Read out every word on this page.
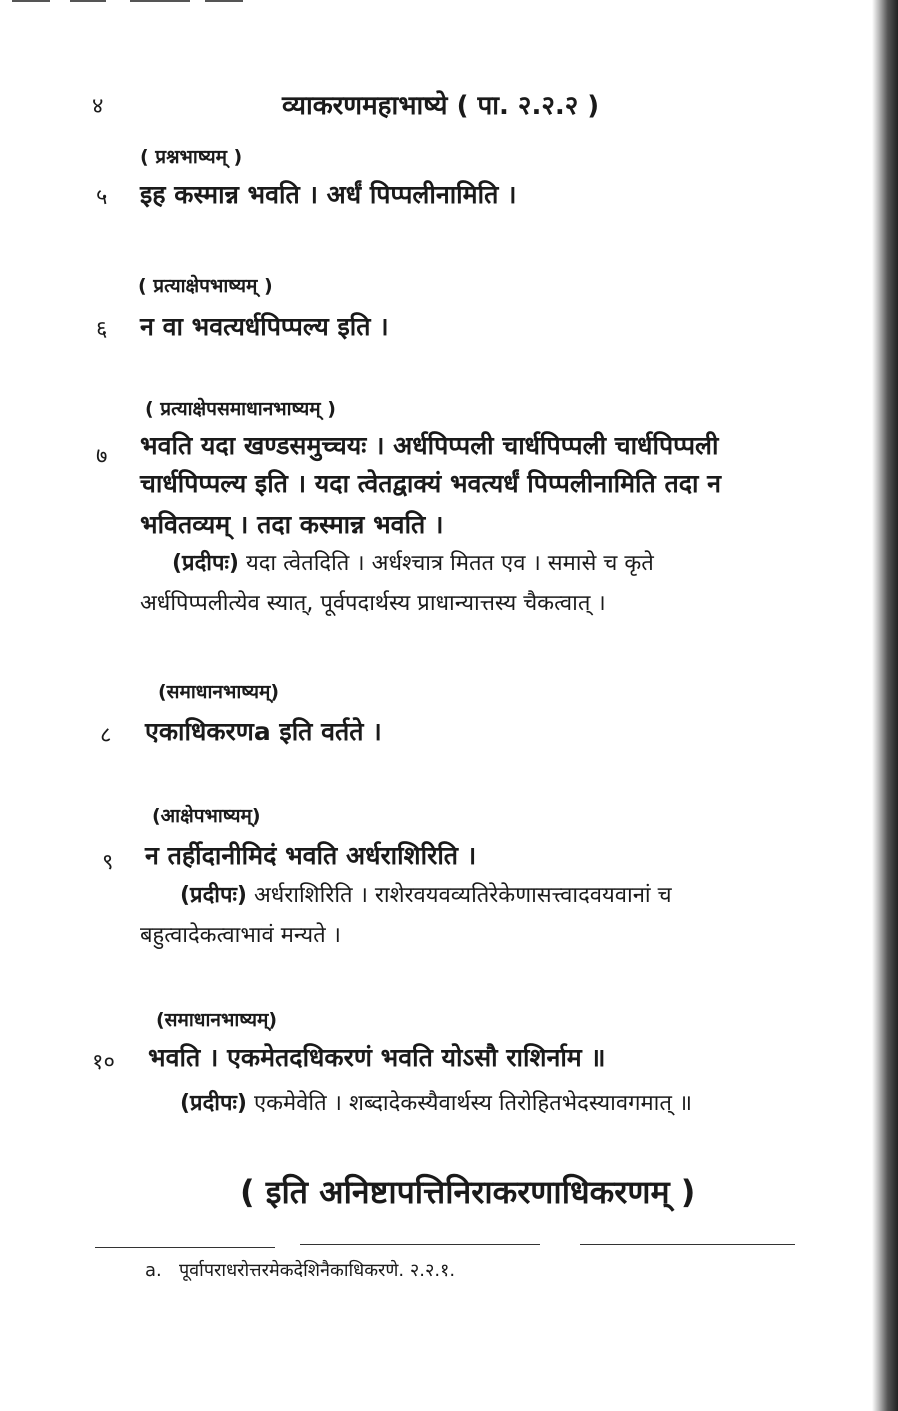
४	व्याकरणमहाभाष्ये ( पा. २.२.२ )
( प्रश्नभाष्यम् )
५ इह कस्मान्न भवति । अर्धं पिप्पलीनामिति ।
( प्रत्याक्षेपभाष्यम् )
६ न वा भवत्यर्धपिप्पल्य इति ।
( प्रत्याक्षेपसमाधानभाष्यम् )
७ भवति यदा खण्डसमुच्चयः । अर्धपिप्पली चार्धपिप्पली चार्धपिप्पली
चार्धपिप्पल्य इति । यदा त्वेतद्वाक्यं भवत्यर्धं पिप्पलीनामिति तदा न
भवितव्यम् । तदा कस्मान्न भवति ।
(प्रदीपः) यदा त्वेतदिति । अर्धश्चात्र मितत एव । समासे च कृते
अर्धपिप्पलीत्येव स्यात्, पूर्वपदार्थस्य प्राधान्यात्तस्य चैकत्वात् ।
(समाधानभाष्यम्)
८ एकाधिकरणa इति वर्तते ।
(आक्षेपभाष्यम्)
९ न तर्हीदानीमिदं भवति अर्धराशिरिति ।
(प्रदीपः) अर्धराशिरिति । राशेरवयवव्यतिरेकेणासत्त्वादवयवानां च
बहुत्वादेकत्वाभावं मन्यते ।
(समाधानभाष्यम्)
१० भवति । एकमेतदधिकरणं भवति योऽसौ राशिर्नाम ॥
(प्रदीपः) एकमेवेति । शब्दादेकस्यैवार्थस्य तिरोहितभेदस्यावगमात् ॥
( इति अनिष्टापत्तिनिराकरणाधिकरणम् )
a. पूर्वापराधरोत्तरमेकदेशिनैकाधिकरणे. २.२.१.
